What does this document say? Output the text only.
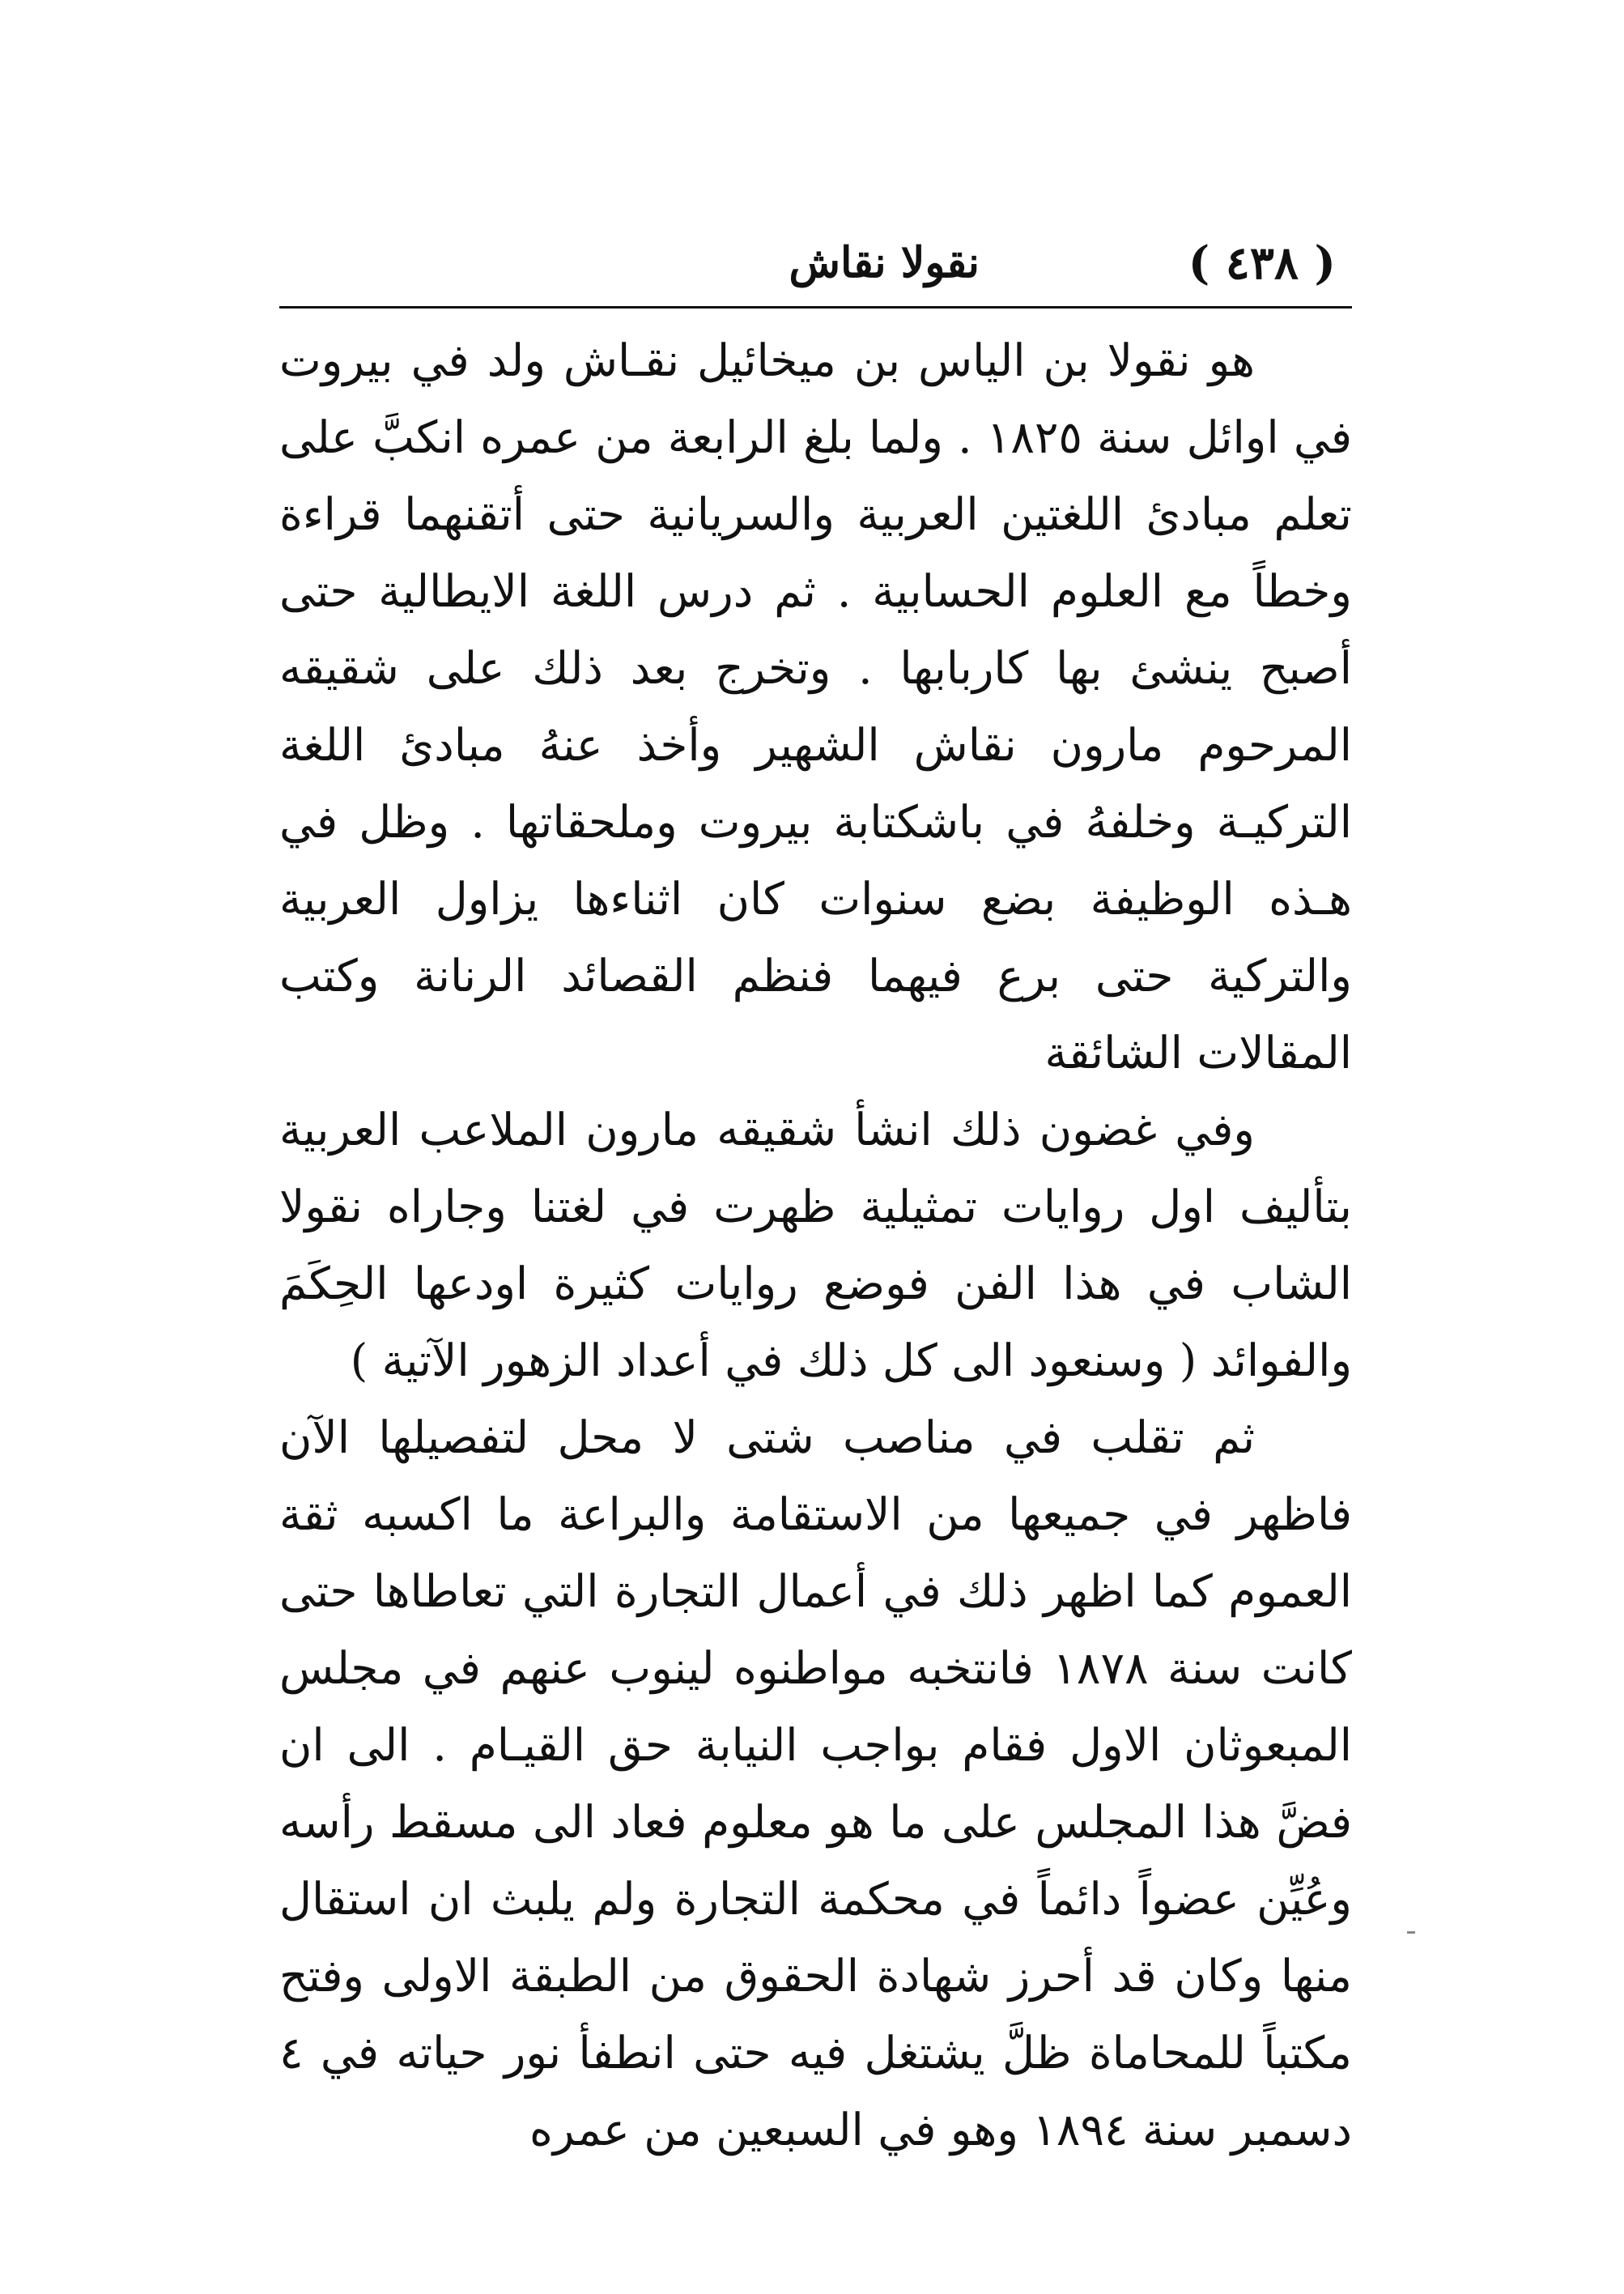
( ٤٣٨ )
نقولا نقاش

هو نقولا بن الياس بن ميخائيل نقـاش ولد في بيروت في اوائل سنة ١٨٢٥ . ولما بلغ الرابعة من عمره انكبَّ على تعلم مبادئ اللغتين العربية والسريانية حتى أتقنهما قراءة وخطاً مع العلوم الحسابية . ثم درس اللغة الايطالية حتى أصبح ينشئ بها كاربابها . وتخرج بعد ذلك على شقيقه المرحوم مارون نقاش الشهير وأخذ عنهُ مبادئ اللغة التركيـة وخلفهُ في باشكتابة بيروت وملحقاتها . وظل في هـذه الوظيفة بضع سنوات كان اثناءها يزاول العربية والتركية حتى برع فيهما فنظم القصائد الرنانة وكتب المقالات الشائقة

وفي غضون ذلك انشأ شقيقه مارون الملاعب العربية بتأليف اول روايات تمثيلية ظهرت في لغتنا وجاراه نقولا الشاب في هذا الفن فوضع روايات كثيرة اودعها الحِكَمَ والفوائد ( وسنعود الى كل ذلك في أعداد الزهور الآتية )

ثم تقلب في مناصب شتى لا محل لتفصيلها الآن فاظهر في جميعها من الاستقامة والبراعة ما اكسبه ثقة العموم كما اظهر ذلك في أعمال التجارة التي تعاطاها حتى كانت سنة ١٨٧٨ فانتخبه مواطنوه لينوب عنهم في مجلس المبعوثان الاول فقام بواجب النيابة حق القيـام . الى ان فضَّ هذا المجلس على ما هو معلوم فعاد الى مسقط رأسه وعُيِّن عضواً دائماً في محكمة التجارة ولم يلبث ان استقال منها وكان قد أحرز شهادة الحقوق من الطبقة الاولى وفتح مكتباً للمحاماة ظلَّ يشتغل فيه حتى انطفأ نور حياته في ٤ دسمبر سنة ١٨٩٤ وهو في السبعين من عمره
